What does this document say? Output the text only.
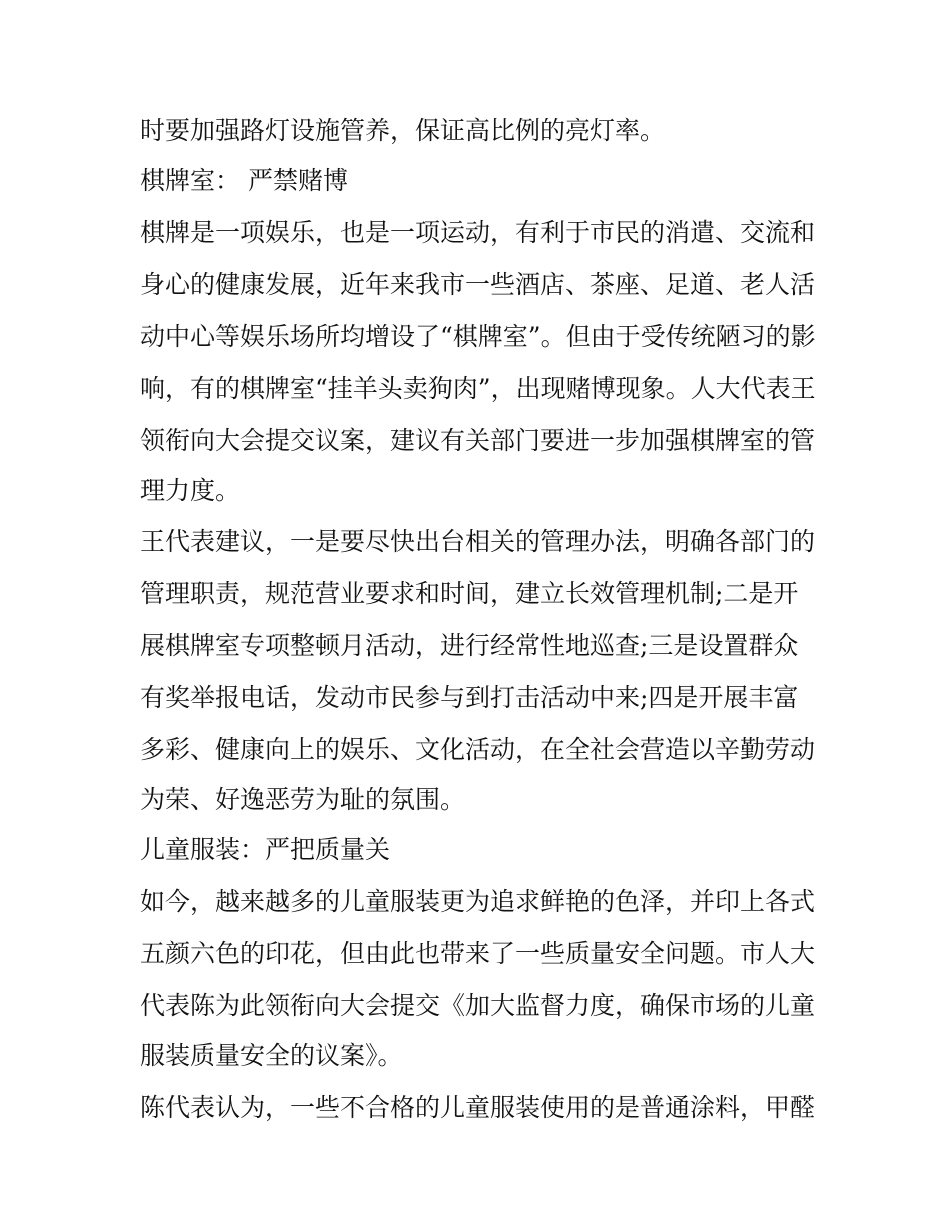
时要加强路灯设施管养，保证高比例的亮灯率。

棋牌室： 严禁赌博

棋牌是一项娱乐，也是一项运动，有利于市民的消遣、交流和

身心的健康发展，近年来我市一些酒店、茶座、足道、老人活

动中心等娱乐场所均增设了“棋牌室”。但由于受传统陋习的影

响，有的棋牌室“挂羊头卖狗肉”，出现赌博现象。人大代表王

领衔向大会提交议案，建议有关部门要进一步加强棋牌室的管

理力度。

王代表建议，一是要尽快出台相关的管理办法，明确各部门的

管理职责，规范营业要求和时间，建立长效管理机制;二是开

展棋牌室专项整顿月活动，进行经常性地巡查;三是设置群众

有奖举报电话，发动市民参与到打击活动中来;四是开展丰富

多彩、健康向上的娱乐、文化活动，在全社会营造以辛勤劳动

为荣、好逸恶劳为耻的氛围。

儿童服装：严把质量关

如今，越来越多的儿童服装更为追求鲜艳的色泽，并印上各式

五颜六色的印花，但由此也带来了一些质量安全问题。市人大

代表陈为此领衔向大会提交《加大监督力度，确保市场的儿童

服装质量安全的议案》。

陈代表认为，一些不合格的儿童服装使用的是普通涂料，甲醛
